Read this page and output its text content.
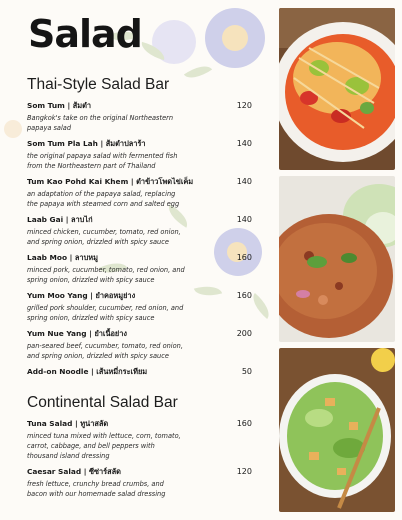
Salad
Thai-Style Salad Bar
Som Tum | ส้มตำ
Bangkok's take on the original Northeastern
papaya salad
120
Som Tum Pla Lah | ส้มตำปลาร้า
the original papaya salad with fermented fish
from the Northeastern part of Thailand
140
Tum Kao Pohd Kai Khem | ตำข้าวโพดไข่เค็ม
an adaptation of the papaya salad, replacing
the papaya with steamed corn and salted egg
140
Laab Gai | ลาบไก่
minced chicken, cucumber, tomato, red onion,
and spring onion, drizzled with spicy sauce
140
Laab Moo | ลาบหมู
minced pork, cucumber, tomato, red onion, and
spring onion, drizzled with spicy sauce
160
Yum Moo Yang | ยำคอหมูย่าง
grilled pork shoulder, cucumber, red onion, and
spring onion, drizzled with spicy sauce
160
Yum Nue Yang | ยำเนื้อย่าง
pan-seared beef, cucumber, tomato, red onion,
and spring onion, drizzled with spicy sauce
200
Add-on Noodle | เส้นหมี่กระเทียม	50
Continental Salad Bar
Tuna Salad | ทูน่าสลัด
minced tuna mixed with lettuce, corn, tomato,
carrot, cabbage, and bell peppers with
thousand island dressing
160
Caesar Salad | ซีซ่าร์สลัด
fresh lettuce, crunchy bread crumbs, and
bacon with our homemade salad dressing
120
